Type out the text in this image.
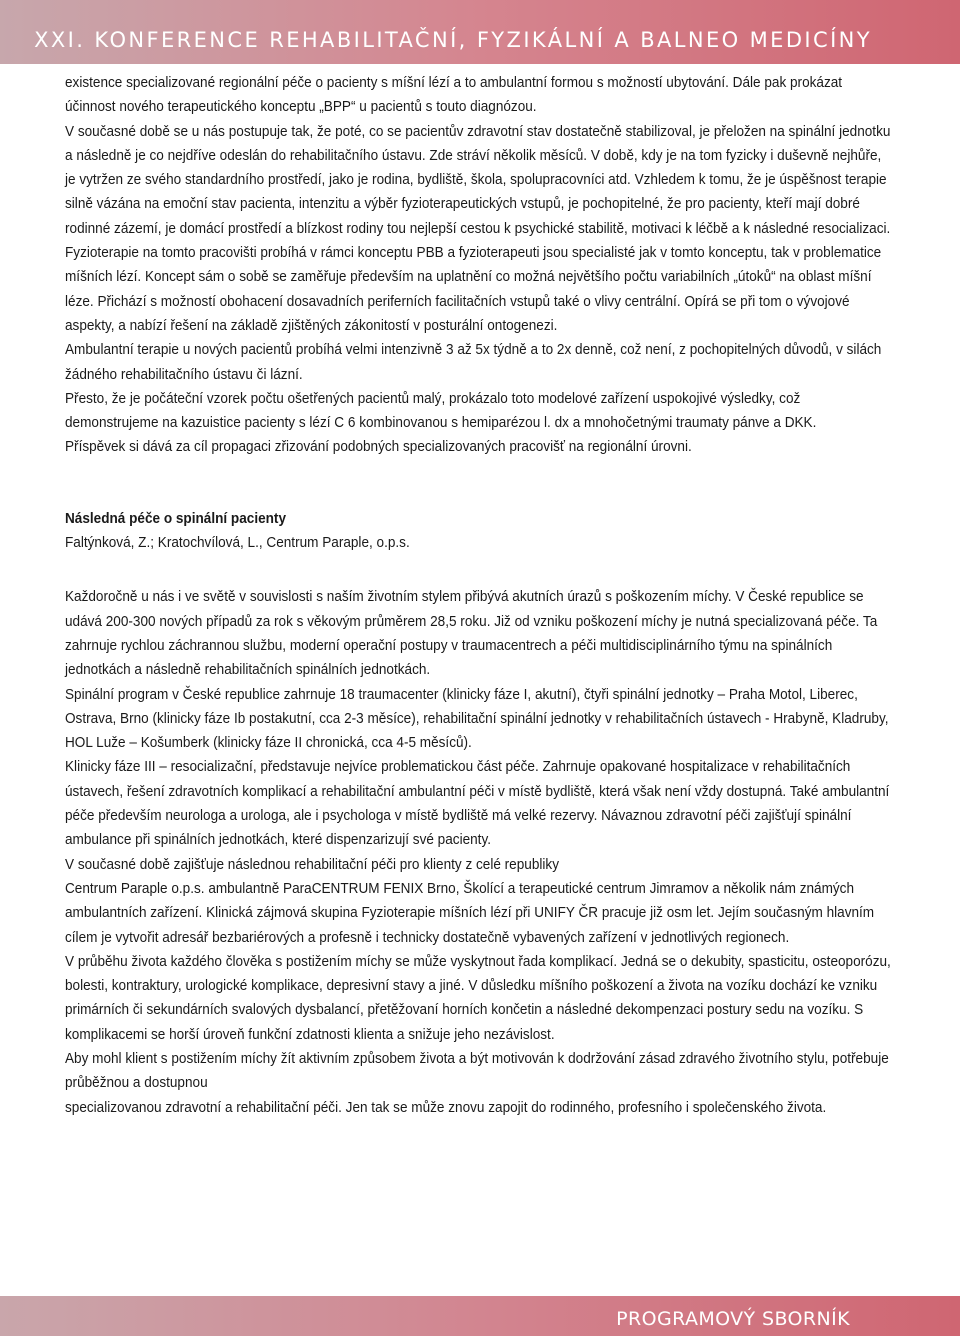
XXI. KONFERENCE REHABILITAČNÍ, FYZIKÁLNÍ A BALNEO MEDICÍNY

existence specializované regionální péče o pacienty s míšní lézí a to ambulantní formou s možností ubytování. Dále pak prokázat účinnost nového terapeutického konceptu „BPP“ u pacientů s touto diagnózou.

V současné době se u nás postupuje tak, že poté, co se pacientův zdravotní stav dostatečně stabilizoval, je přeložen na spinální jednotku a následně je co nejdříve odeslán do rehabilitačního ústavu. Zde stráví několik měsíců. V době, kdy je na tom fyzicky i duševně nejhůře, je vytržen ze svého standardního prostředí, jako je rodina, bydliště, škola, spolupracovníci atd. Vzhledem k tomu, že je úspěšnost terapie silně vázána na emoční stav pacienta, intenzitu a výběr fyzioterapeutických vstupů, je pochopitelné, že pro pacienty, kteří mají dobré rodinné zázemí, je domácí prostředí a blízkost rodiny tou nejlepší cestou k psychické stabilitě, motivaci k léčbě a k následné resocializaci.

Fyzioterapie na tomto pracovišti probíhá v rámci konceptu PBB a fyzioterapeuti jsou specialisté jak v tomto konceptu, tak v problematice míšních lézí. Koncept sám o sobě se zaměřuje především na uplatnění co možná největšího počtu variabilních „útoků“ na oblast míšní léze. Přichází s možností obohacení dosavadních periferních facilitačních vstupů také o vlivy centrální. Opírá se při tom o vývojové aspekty, a nabízí řešení na základě zjištěných zákonitostí v posturální ontogenezi.

Ambulantní terapie u nových pacientů probíhá velmi intenzivně 3 až 5x týdně a to 2x denně, což není, z pochopitelných důvodů, v silách žádného rehabilitačního ústavu či lázní.

Přesto, že je počáteční vzorek počtu ošetřených pacientů malý, prokázalo toto modelové zařízení uspokojivé výsledky, což demonstrujeme na kazuistice pacienty s lézí C 6 kombinovanou s hemiparézou l. dx a mnohočetnými traumaty pánve a DKK.

Příspěvek si dává za cíl propagaci zřizování podobných specializovaných pracovišť na regionální úrovni.

Následná péče o spinální pacienty

Faltýnková, Z.; Kratochvílová, L., Centrum Paraple, o.p.s.

Každoročně u nás i ve světě v souvislosti s naším životním stylem přibývá akutních úrazů s poškozením míchy. V České republice se udává 200-300 nových případů za rok s věkovým průměrem 28,5 roku. Již od vzniku poškození míchy je nutná specializovaná péče. Ta zahrnuje rychlou záchrannou službu, moderní operační postupy v traumacentrech a péči multidisciplinárního týmu na spinálních jednotkách a následně rehabilitačních spinálních jednotkách.

Spinální program v České republice zahrnuje 18 traumacenter (klinicky fáze I, akutní), čtyři spinální jednotky – Praha Motol, Liberec, Ostrava, Brno (klinicky fáze Ib postakutní, cca 2-3 měsíce), rehabilitační spinální jednotky v rehabilitačních ústavech - Hrabyně, Kladruby, HOL Luže – Košumberk (klinicky fáze II chronická, cca 4-5 měsíců).

Klinicky fáze III – resocializační, představuje nejvíce problematickou část péče. Zahrnuje opakované hospitalizace v rehabilitačních ústavech, řešení zdravotních komplikací a rehabilitační ambulantní péči v místě bydliště, která však není vždy dostupná. Také ambulantní péče především neurologa a urologa, ale i psychologa v místě bydliště má velké rezervy. Návaznou zdravotní péči zajišťují spinální ambulance při spinálních jednotkách, které dispenzarizují své pacienty.

V současné době zajišťuje následnou rehabilitační péči pro klienty z celé republiky

Centrum Paraple o.p.s. ambulantně ParaCENTRUM FENIX Brno, Školící a terapeutické centrum Jimramov a několik nám známých ambulantních zařízení. Klinická zájmová skupina Fyzioterapie míšních lézí při UNIFY ČR pracuje již osm let. Jejím současným hlavním cílem je vytvořit adresář bezbariérových a profesně i technicky dostatečně vybavených zařízení v jednotlivých regionech.

V průběhu života každého člověka s postižením míchy se může vyskytnout řada komplikací. Jedná se o dekubity, spasticitu, osteoporózu, bolesti, kontraktury, urologické komplikace, depresivní stavy a jiné. V důsledku míšního poškození a života na vozíku dochází ke vzniku primárních či sekundárních svalových dysbalancí, přetěžovaní horních končetin a následné dekompenzaci postury sedu na vozíku. S komplikacemi se horší úroveň funkční zdatnosti klienta a snižuje jeho nezávislost.

Aby mohl klient s postižením míchy žít aktivním způsobem života a být motivován k dodržování zásad zdravého životního stylu, potřebuje průběžnou a dostupnou

specializovanou zdravotní a rehabilitační péči. Jen tak se může znovu zapojit do rodinného, profesního i společenského života.

PROGRAMOVÝ SBORNÍK
